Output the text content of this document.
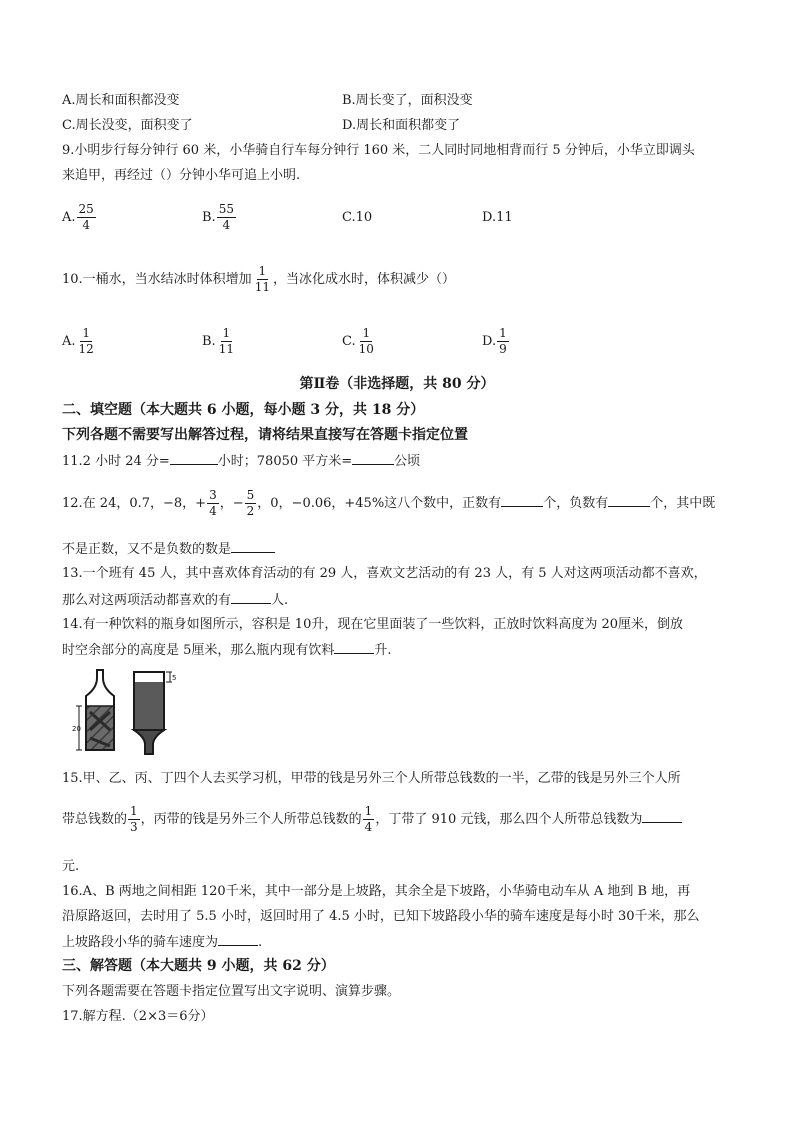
A.周长和面积都没变	B.周长变了，面积没变
C.周长没变，面积变了	D.周长和面积都变了
9.小明步行每分钟行 60 米，小华骑自行车每分钟行 160 米，二人同时同地相背而行 5 分钟后，小华立即调头
来追甲，再经过（）分钟小华可追上小明.
A. $\frac{25}{4}$	B. $\frac{55}{4}$	C.10	D.11
10.一桶水，当水结冰时体积增加 $\frac{1}{11}$ ，当冰化成水时，体积减少（）
A. $\frac{1}{12}$	B. $\frac{1}{11}$	C. $\frac{1}{10}$	D. $\frac{1}{9}$
第Ⅱ卷（非选择题，共 80 分）
二、填空题（本大题共 6 小题，每小题 3 分，共 18 分）
下列各题不需要写出解答过程，请将结果直接写在答题卡指定位置
11.2 小时 24 分=	小时；78050 平方米=	公顷
12.在 24，0.7，−8，+ $\frac{3}{4}$ ，− $\frac{5}{2}$ ，0，−0.06，+45%这八个数中，正数有	个，负数有	个，其中既
不是正数，又不是负数的数是
13.一个班有 45 人，其中喜欢体育活动的有 29 人，喜欢文艺活动的有 23 人，有 5 人对这两项活动都不喜欢，
那么对这两项活动都喜欢的有	人.
14.有一种饮料的瓶身如图所示，容积是 10升，现在它里面装了一些饮料，正放时饮料高度为 20厘米，倒放
时空余部分的高度是 5厘米，那么瓶内现有饮料	升.
20
5
15.甲、乙、丙、丁四个人去买学习机，甲带的钱是另外三个人所带总钱数的一半，乙带的钱是另外三个人所
带总钱数的 $\frac{1}{3}$ ，丙带的钱是另外三个人所带总钱数的 $\frac{1}{4}$ ，丁带了 910 元钱，那么四个人所带总钱数为
元.
16.A、B 两地之间相距 120千米，其中一部分是上坡路，其余全是下坡路，小华骑电动车从 A 地到 B 地，再
沿原路返回，去时用了 5.5 小时，返回时用了 4.5 小时，已知下坡路段小华的骑车速度是每小时 30千米，那么
上坡路段小华的骑车速度为	.
三、解答题（本大题共 9 小题，共 62 分）
下列各题需要在答题卡指定位置写出文字说明、演算步骤。
17.解方程.（2×3＝6分）
